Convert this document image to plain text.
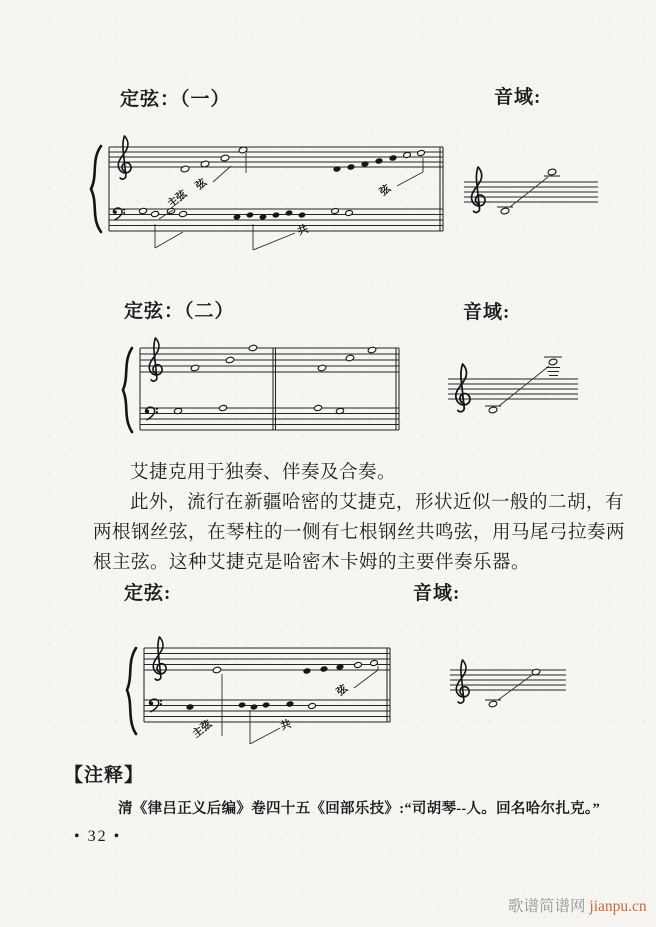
定弦：（一）	音域:
弦	弦
主弦
共
定弦：（二）	音域:
艾捷克用于独奏、伴奏及合奏。
此外，流行在新疆哈密的艾捷克，形状近似一般的二胡，有
两根钢丝弦，在琴柱的一侧有七根钢丝共鸣弦，用马尾弓拉奏两
根主弦。这种艾捷克是哈密木卡姆的主要伴奏乐器。
定弦:	音域:
弦
主弦	共
【注释】
清《律吕正义后编》卷四十五《回部乐技》:“司胡琴--人。回名哈尔扎克。”
• 32 •
歌谱简谱网 jianpu.cn
